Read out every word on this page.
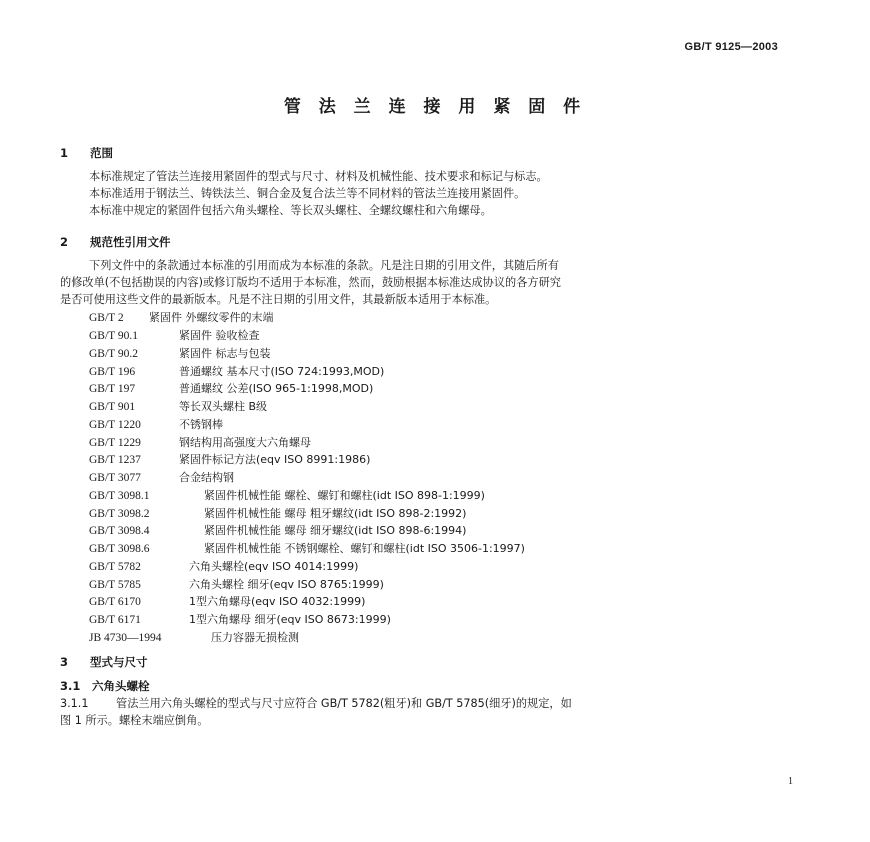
GB/T 9125—2003
管 法 兰 连 接 用 紧 固 件
1 范围
本标准规定了管法兰连接用紧固件的型式与尺寸、材料及机械性能、技术要求和标记与标志。
本标准适用于钢法兰、铸铁法兰、铜合金及复合法兰等不同材料的管法兰连接用紧固件。
本标准中规定的紧固件包括六角头螺栓、等长双头螺柱、全螺纹螺柱和六角螺母。
2 规范性引用文件
下列文件中的条款通过本标准的引用而成为本标准的条款。凡是注日期的引用文件，其随后所有
的修改单(不包括勘误的内容)或修订版均不适用于本标准，然而，鼓励根据本标准达成协议的各方研究
是否可使用这些文件的最新版本。凡是不注日期的引用文件，其最新版本适用于本标准。
GB/T 2 紧固件 外螺纹零件的末端
GB/T 90.1	紧固件 验收检查
GB/T 90.2	紧固件 标志与包装
GB/T 196	普通螺纹 基本尺寸(ISO 724:1993,MOD)
GB/T 197	普通螺纹 公差(ISO 965-1:1998,MOD)
GB/T 901	等长双头螺柱 B级
GB/T 1220	不锈钢棒
GB/T 1229	钢结构用高强度大六角螺母
GB/T 1237	紧固件标记方法(eqv ISO 8991:1986)
GB/T 3077	合金结构钢
GB/T 3098.1	紧固件机械性能 螺栓、螺钉和螺柱(idt ISO 898-1:1999)
GB/T 3098.2	紧固件机械性能 螺母 粗牙螺纹(idt ISO 898-2:1992)
GB/T 3098.4	紧固件机械性能 螺母 细牙螺纹(idt ISO 898-6:1994)
GB/T 3098.6	紧固件机械性能 不锈钢螺栓、螺钉和螺柱(idt ISO 3506-1:1997)
GB/T 5782	六角头螺栓(eqv ISO 4014:1999)
GB/T 5785	六角头螺栓 细牙(eqv ISO 8765:1999)
GB/T 6170	1型六角螺母(eqv ISO 4032:1999)
GB/T 6171	1型六角螺母 细牙(eqv ISO 8673:1999)
JB 4730—1994	压力容器无损检测
3 型式与尺寸
3.1 六角头螺栓
3.1.1 管法兰用六角头螺栓的型式与尺寸应符合 GB/T 5782(粗牙)和 GB/T 5785(细牙)的规定，如
图 1 所示。螺栓末端应倒角。
1
